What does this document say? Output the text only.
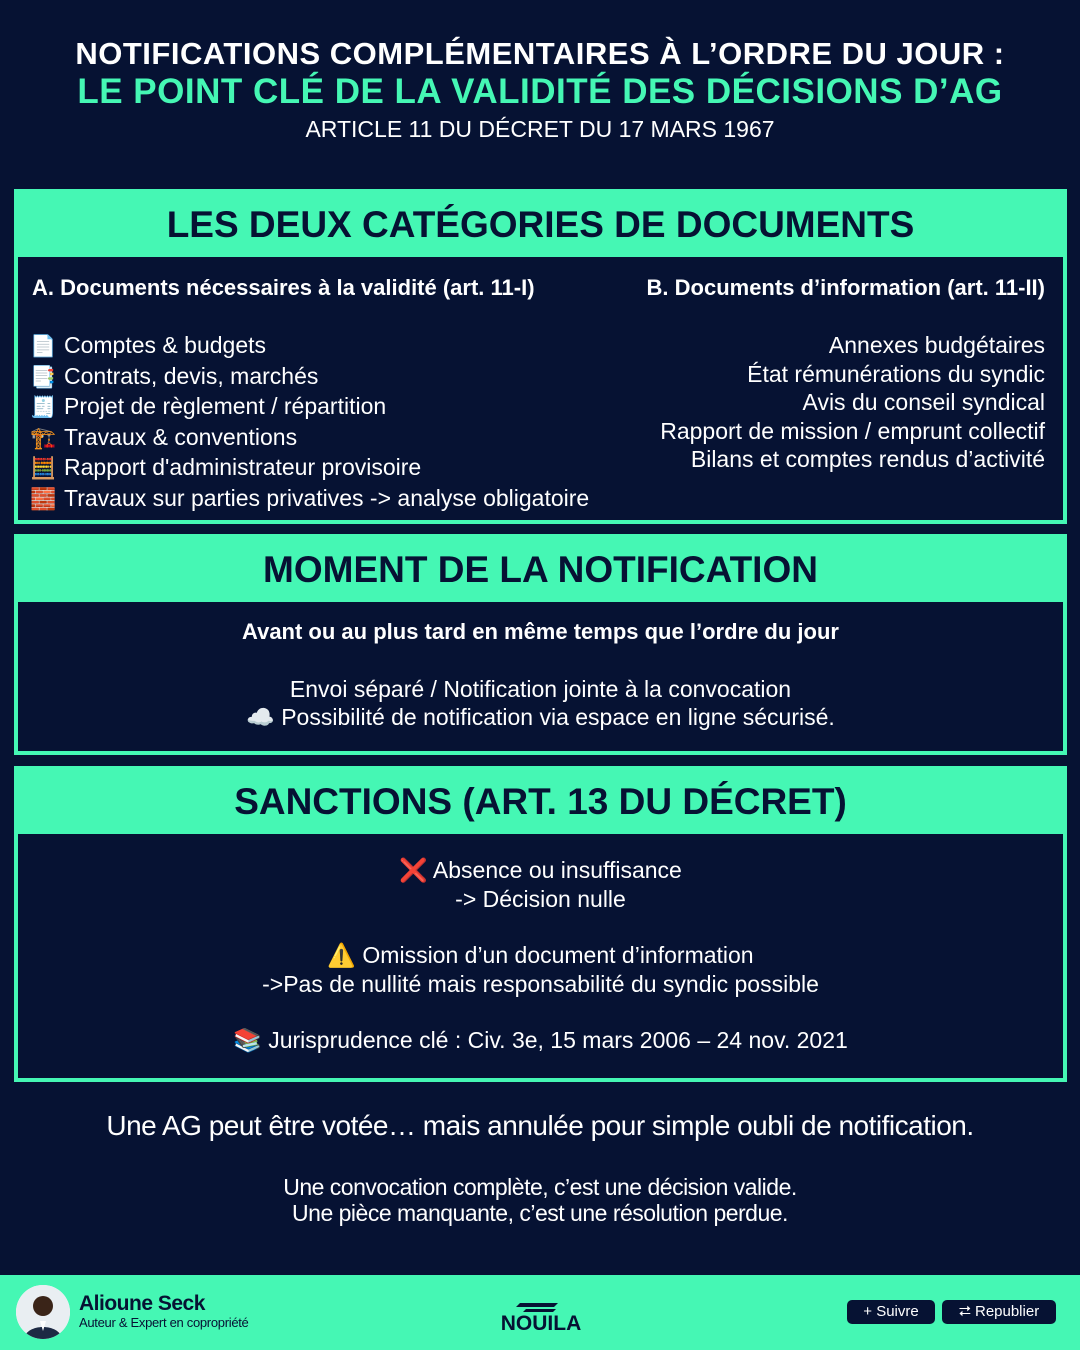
NOTIFICATIONS COMPLÉMENTAIRES À L’ORDRE DU JOUR :
LE POINT CLÉ DE LA VALIDITÉ DES DÉCISIONS D’AG
ARTICLE 11 DU DÉCRET DU 17 MARS 1967
LES DEUX CATÉGORIES DE DOCUMENTS
A. Documents nécessaires à la validité (art. 11-I)	B. Documents d’information (art. 11-II)
📄 Comptes & budgets
📑 Contrats, devis, marchés
🧾 Projet de règlement / répartition
🏗️ Travaux & conventions
🧮 Rapport d'administrateur provisoire
🧱 Travaux sur parties privatives -> analyse obligatoire
Annexes budgétaires
État rémunérations du syndic
Avis du conseil syndical
Rapport de mission / emprunt collectif
Bilans et comptes rendus d’activité
MOMENT DE LA NOTIFICATION
Avant ou au plus tard en même temps que l’ordre du jour
Envoi séparé / Notification jointe à la convocation
☁️ Possibilité de notification via espace en ligne sécurisé.
SANCTIONS (ART. 13 DU DÉCRET)
❌ Absence ou insuffisance
-> Décision nulle
⚠️ Omission d’un document d’information
->Pas de nullité mais responsabilité du syndic possible
📚 Jurisprudence clé : Civ. 3e, 15 mars 2006 – 24 nov. 2021
Une AG peut être votée… mais annulée pour simple oubli de notification.
Une convocation complète, c’est une décision valide.
Une pièce manquante, c’est une résolution perdue.
Alioune Seck
Auteur & Expert en copropriété	NOUILA
+ Suivre	⮂ Republier
